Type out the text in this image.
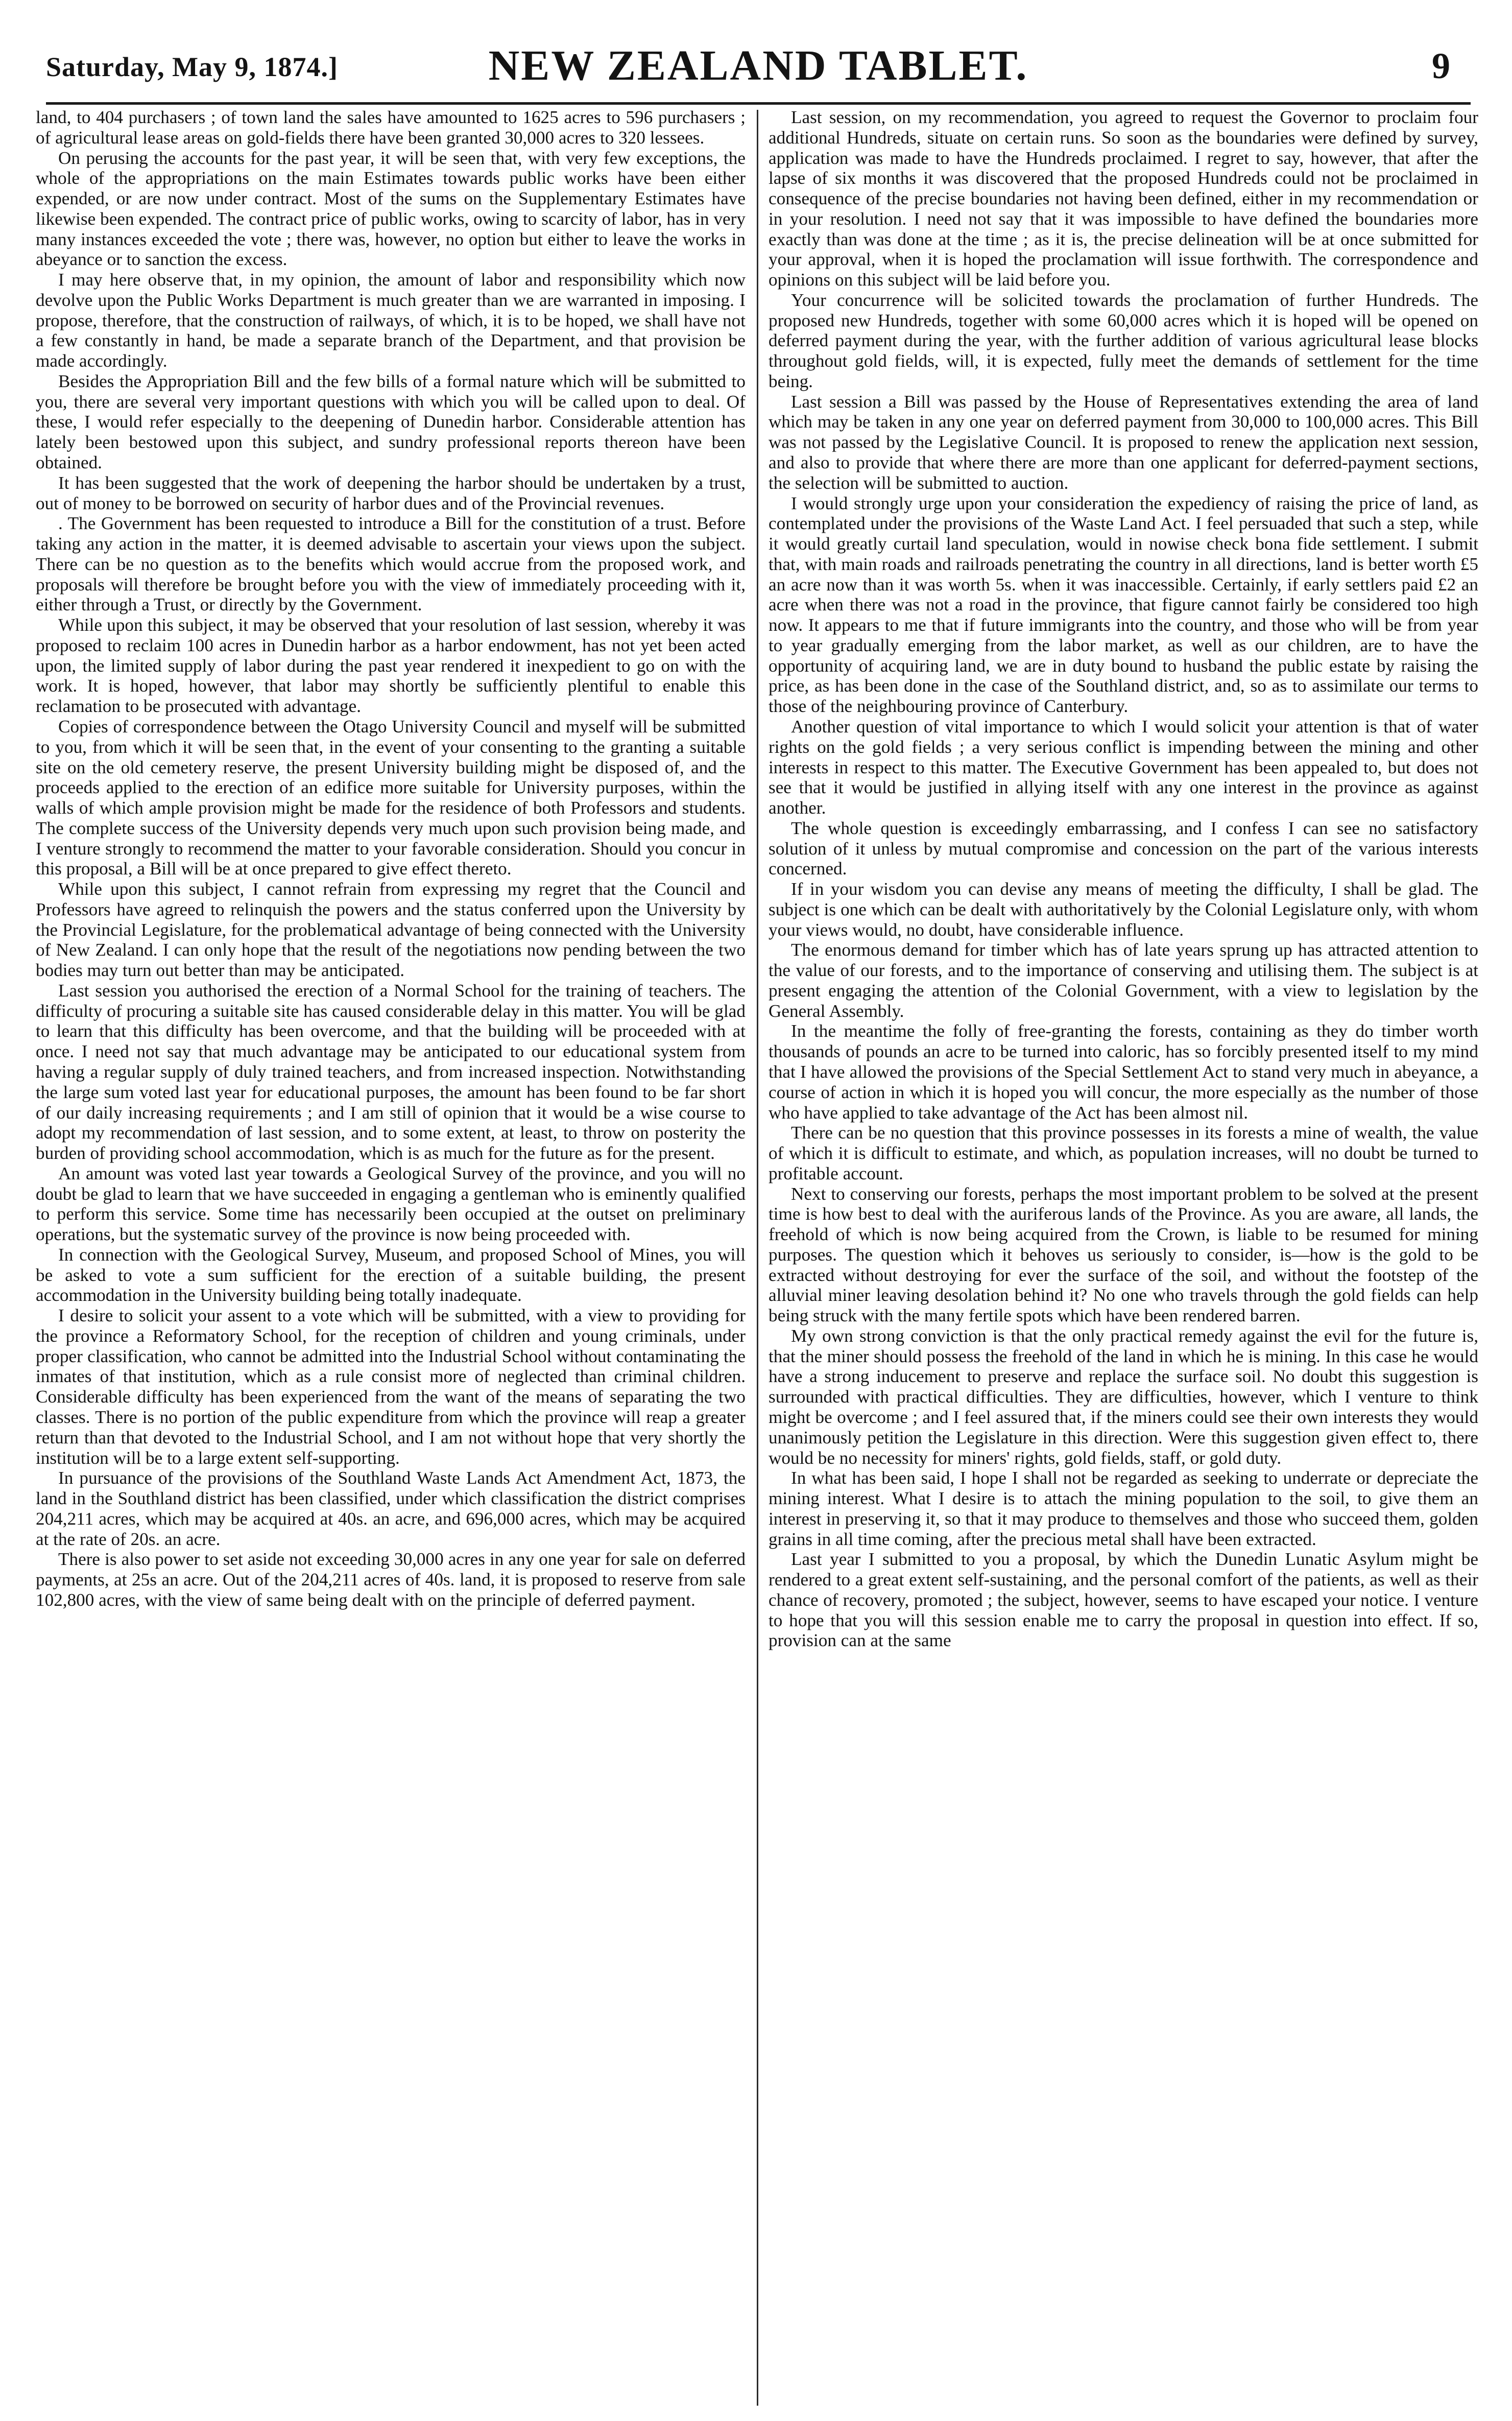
Saturday, May 9, 1874.]	NEW ZEALAND TABLET.	9

land, to 404 purchasers ; of town land the sales have amounted to 1625 acres to 596 purchasers ; of agricultural lease areas on gold-fields there have been granted 30,000 acres to 320 lessees.

On perusing the accounts for the past year, it will be seen that, with very few exceptions, the whole of the appropriations on the main Estimates towards public works have been either expended, or are now under contract. Most of the sums on the Supplementary Estimates have likewise been expended. The contract price of public works, owing to scarcity of labor, has in very many instances exceeded the vote ; there was, however, no option but either to leave the works in abeyance or to sanction the excess.

I may here observe that, in my opinion, the amount of labor and responsibility which now devolve upon the Public Works Department is much greater than we are warranted in imposing. I propose, therefore, that the construction of railways, of which, it is to be hoped, we shall have not a few constantly in hand, be made a separate branch of the Department, and that provision be made accordingly.

Besides the Appropriation Bill and the few bills of a formal nature which will be submitted to you, there are several very important questions with which you will be called upon to deal. Of these, I would refer especially to the deepening of Dunedin harbor. Considerable attention has lately been bestowed upon this subject, and sundry professional reports thereon have been obtained.

It has been suggested that the work of deepening the harbor should be undertaken by a trust, out of money to be borrowed on security of harbor dues and of the Provincial revenues.

. The Government has been requested to introduce a Bill for the constitution of a trust. Before taking any action in the matter, it is deemed advisable to ascertain your views upon the subject. There can be no question as to the benefits which would accrue from the proposed work, and proposals will therefore be brought before you with the view of immediately proceeding with it, either through a Trust, or directly by the Government.

While upon this subject, it may be observed that your resolution of last session, whereby it was proposed to reclaim 100 acres in Dunedin harbor as a harbor endowment, has not yet been acted upon, the limited supply of labor during the past year rendered it inexpedient to go on with the work. It is hoped, however, that labor may shortly be sufficiently plentiful to enable this reclamation to be prosecuted with advantage.

Copies of correspondence between the Otago University Council and myself will be submitted to you, from which it will be seen that, in the event of your consenting to the granting a suitable site on the old cemetery reserve, the present University building might be disposed of, and the proceeds applied to the erection of an edifice more suitable for University purposes, within the walls of which ample provision might be made for the residence of both Professors and students. The complete success of the University depends very much upon such provision being made, and I venture strongly to recommend the matter to your favorable consideration. Should you concur in this proposal, a Bill will be at once prepared to give effect thereto.

While upon this subject, I cannot refrain from expressing my regret that the Council and Professors have agreed to relinquish the powers and the status conferred upon the University by the Provincial Legislature, for the problematical advantage of being connected with the University of New Zealand. I can only hope that the result of the negotiations now pending between the two bodies may turn out better than may be anticipated.

Last session you authorised the erection of a Normal School for the training of teachers. The difficulty of procuring a suitable site has caused considerable delay in this matter. You will be glad to learn that this difficulty has been overcome, and that the building will be proceeded with at once. I need not say that much advantage may be anticipated to our educational system from having a regular supply of duly trained teachers, and from increased inspection. Notwithstanding the large sum voted last year for educational purposes, the amount has been found to be far short of our daily increasing requirements ; and I am still of opinion that it would be a wise course to adopt my recommendation of last session, and to some extent, at least, to throw on posterity the burden of providing school accommodation, which is as much for the future as for the present.

An amount was voted last year towards a Geological Survey of the province, and you will no doubt be glad to learn that we have succeeded in engaging a gentleman who is eminently qualified to perform this service. Some time has necessarily been occupied at the outset on preliminary operations, but the systematic survey of the province is now being proceeded with.

In connection with the Geological Survey, Museum, and proposed School of Mines, you will be asked to vote a sum sufficient for the erection of a suitable building, the present accommodation in the University building being totally inadequate.

I desire to solicit your assent to a vote which will be submitted, with a view to providing for the province a Reformatory School, for the reception of children and young criminals, under proper classification, who cannot be admitted into the Industrial School without contaminating the inmates of that institution, which as a rule consist more of neglected than criminal children. Considerable difficulty has been experienced from the want of the means of separating the two classes. There is no portion of the public expenditure from which the province will reap a greater return than that devoted to the Industrial School, and I am not without hope that very shortly the institution will be to a large extent self-supporting.

In pursuance of the provisions of the Southland Waste Lands Act Amendment Act, 1873, the land in the Southland district has been classified, under which classification the district comprises 204,211 acres, which may be acquired at 40s. an acre, and 696,000 acres, which may be acquired at the rate of 20s. an acre.

There is also power to set aside not exceeding 30,000 acres in any one year for sale on deferred payments, at 25s an acre. Out of the 204,211 acres of 40s. land, it is proposed to reserve from sale 102,800 acres, with the view of same being dealt with on the principle of deferred payment.

Last session, on my recommendation, you agreed to request the Governor to proclaim four additional Hundreds, situate on certain runs. So soon as the boundaries were defined by survey, application was made to have the Hundreds proclaimed. I regret to say, however, that after the lapse of six months it was discovered that the proposed Hundreds could not be proclaimed in consequence of the precise boundaries not having been defined, either in my recommendation or in your resolution. I need not say that it was impossible to have defined the boundaries more exactly than was done at the time ; as it is, the precise delineation will be at once submitted for your approval, when it is hoped the proclamation will issue forthwith. The correspondence and opinions on this subject will be laid before you.

Your concurrence will be solicited towards the proclamation of further Hundreds. The proposed new Hundreds, together with some 60,000 acres which it is hoped will be opened on deferred payment during the year, with the further addition of various agricultural lease blocks throughout gold fields, will, it is expected, fully meet the demands of settlement for the time being.

Last session a Bill was passed by the House of Representatives extending the area of land which may be taken in any one year on deferred payment from 30,000 to 100,000 acres. This Bill was not passed by the Legislative Council. It is proposed to renew the application next session, and also to provide that where there are more than one applicant for deferred-payment sections, the selection will be submitted to auction.

I would strongly urge upon your consideration the expediency of raising the price of land, as contemplated under the provisions of the Waste Land Act. I feel persuaded that such a step, while it would greatly curtail land speculation, would in nowise check bona fide settlement. I submit that, with main roads and railroads penetrating the country in all directions, land is better worth £5 an acre now than it was worth 5s. when it was inaccessible. Certainly, if early settlers paid £2 an acre when there was not a road in the province, that figure cannot fairly be considered too high now. It appears to me that if future immigrants into the country, and those who will be from year to year gradually emerging from the labor market, as well as our children, are to have the opportunity of acquiring land, we are in duty bound to husband the public estate by raising the price, as has been done in the case of the Southland district, and, so as to assimilate our terms to those of the neighbouring province of Canterbury.

Another question of vital importance to which I would solicit your attention is that of water rights on the gold fields ; a very serious conflict is impending between the mining and other interests in respect to this matter. The Executive Government has been appealed to, but does not see that it would be justified in allying itself with any one interest in the province as against another.

The whole question is exceedingly embarrassing, and I confess I can see no satisfactory solution of it unless by mutual compromise and concession on the part of the various interests concerned.

If in your wisdom you can devise any means of meeting the difficulty, I shall be glad. The subject is one which can be dealt with authoritatively by the Colonial Legislature only, with whom your views would, no doubt, have considerable influence.

The enormous demand for timber which has of late years sprung up has attracted attention to the value of our forests, and to the importance of conserving and utilising them. The subject is at present engaging the attention of the Colonial Government, with a view to legislation by the General Assembly.

In the meantime the folly of free-granting the forests, containing as they do timber worth thousands of pounds an acre to be turned into caloric, has so forcibly presented itself to my mind that I have allowed the provisions of the Special Settlement Act to stand very much in abeyance, a course of action in which it is hoped you will concur, the more especially as the number of those who have applied to take advantage of the Act has been almost nil.

There can be no question that this province possesses in its forests a mine of wealth, the value of which it is difficult to estimate, and which, as population increases, will no doubt be turned to profitable account.

Next to conserving our forests, perhaps the most important problem to be solved at the present time is how best to deal with the auriferous lands of the Province. As you are aware, all lands, the freehold of which is now being acquired from the Crown, is liable to be resumed for mining purposes. The question which it behoves us seriously to consider, is—how is the gold to be extracted without destroying for ever the surface of the soil, and without the footstep of the alluvial miner leaving desolation behind it? No one who travels through the gold fields can help being struck with the many fertile spots which have been rendered barren.

My own strong conviction is that the only practical remedy against the evil for the future is, that the miner should possess the freehold of the land in which he is mining. In this case he would have a strong inducement to preserve and replace the surface soil. No doubt this suggestion is surrounded with practical difficulties. They are difficulties, however, which I venture to think might be overcome ; and I feel assured that, if the miners could see their own interests they would unanimously petition the Legislature in this direction. Were this suggestion given effect to, there would be no necessity for miners' rights, gold fields, staff, or gold duty.

In what has been said, I hope I shall not be regarded as seeking to underrate or depreciate the mining interest. What I desire is to attach the mining population to the soil, to give them an interest in preserving it, so that it may produce to themselves and those who succeed them, golden grains in all time coming, after the precious metal shall have been extracted.

Last year I submitted to you a proposal, by which the Dunedin Lunatic Asylum might be rendered to a great extent self-sustaining, and the personal comfort of the patients, as well as their chance of recovery, promoted ; the subject, however, seems to have escaped your notice. I venture to hope that you will this session enable me to carry the proposal in question into effect. If so, provision can at the same
